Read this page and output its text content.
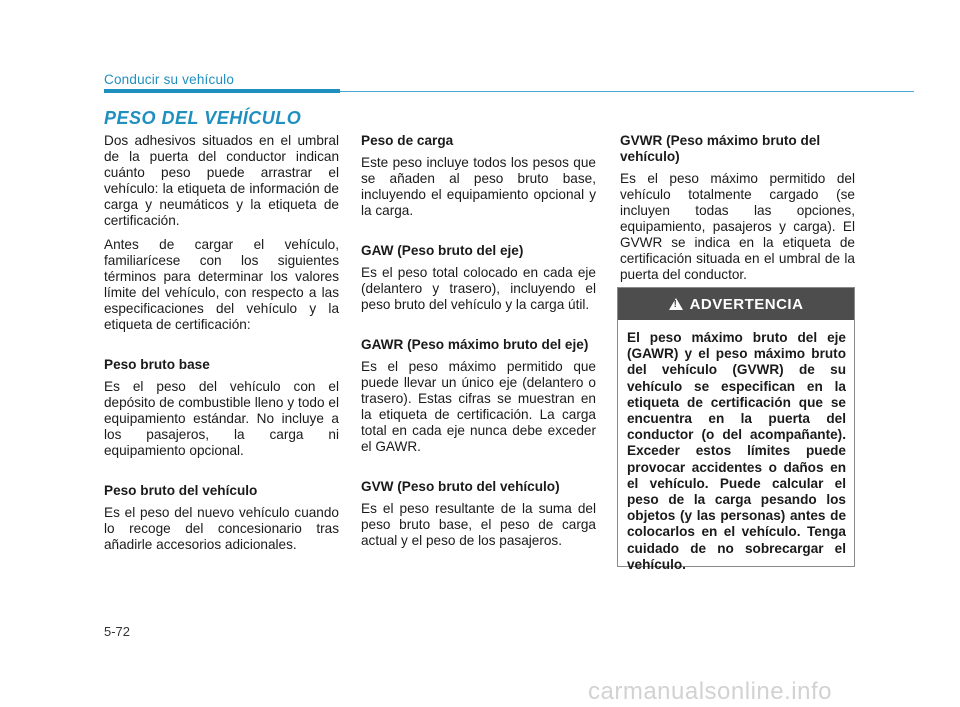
Conducir su vehículo
PESO DEL VEHÍCULO

Dos adhesivos situados en el umbral de la puerta del conductor indican cuánto peso puede arrastrar el vehículo: la etiqueta de información de carga y neumáticos y la etiqueta de certificación.

Antes de cargar el vehículo, familiarícese con los siguientes términos para determinar los valores límite del vehículo, con respecto a las especificaciones del vehículo y la etiqueta de certificación:

Peso bruto base

Es el peso del vehículo con el depósito de combustible lleno y todo el equipamiento estándar. No incluye a los pasajeros, la carga ni equipamiento opcional.

Peso bruto del vehículo

Es el peso del nuevo vehículo cuando lo recoge del concesionario tras añadirle accesorios adicionales.

Peso de carga

Este peso incluye todos los pesos que se añaden al peso bruto base, incluyendo el equipamiento opcional y la carga.

GAW (Peso bruto del eje)

Es el peso total colocado en cada eje (delantero y trasero), incluyendo el peso bruto del vehículo y la carga útil.

GAWR (Peso máximo bruto del eje)

Es el peso máximo permitido que puede llevar un único eje (delantero o trasero). Estas cifras se muestran en la etiqueta de certificación. La carga total en cada eje nunca debe exceder el GAWR.

GVW (Peso bruto del vehículo)

Es el peso resultante de la suma del peso bruto base, el peso de carga actual y el peso de los pasajeros.

GVWR (Peso máximo bruto del vehículo)

Es el peso máximo permitido del vehículo totalmente cargado (se incluyen todas las opciones, equipamiento, pasajeros y carga). El GVWR se indica en la etiqueta de certificación situada en el umbral de la puerta del conductor.

!
ADVERTENCIA
El peso máximo bruto del eje (GAWR) y el peso máximo bruto del vehículo (GVWR) de su vehículo se especifican en la etiqueta de certificación que se encuentra en la puerta del conductor (o del acompañante). Exceder estos límites puede provocar accidentes o daños en el vehículo. Puede calcular el peso de la carga pesando los objetos (y las personas) antes de colocarlos en el vehículo. Tenga cuidado de no sobrecargar el vehículo.
5-72
carmanualsonline.info
